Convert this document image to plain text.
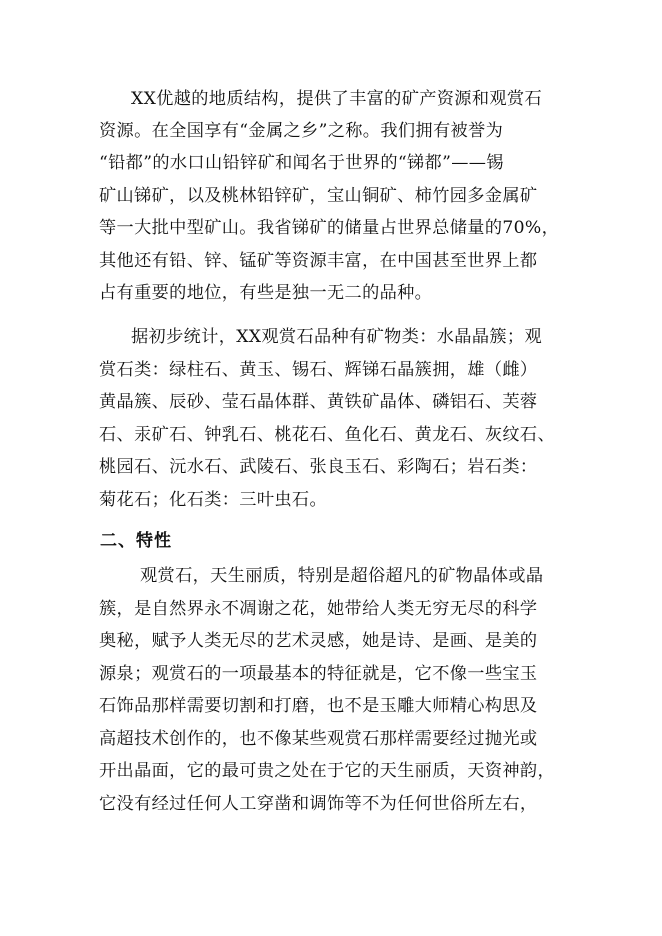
XX优越的地质结构，提供了丰富的矿产资源和观赏石
资源。在全国享有“金属之乡”之称。我们拥有被誉为
“铅都”的水口山铅锌矿和闻名于世界的“锑都”——锡
矿山锑矿，以及桃林铅锌矿，宝山铜矿、柿竹园多金属矿
等一大批中型矿山。我省锑矿的储量占世界总储量的70%，
其他还有铅、锌、锰矿等资源丰富，在中国甚至世界上都
占有重要的地位，有些是独一无二的品种。
据初步统计，XX观赏石品种有矿物类：水晶晶簇；观
赏石类：绿柱石、黄玉、锡石、辉锑石晶簇拥，雄（雌）
黄晶簇、辰砂、莹石晶体群、黄铁矿晶体、磷铝石、芙蓉
石、汞矿石、钟乳石、桃花石、鱼化石、黄龙石、灰纹石、
桃园石、沅水石、武陵石、张良玉石、彩陶石；岩石类：
菊花石；化石类：三叶虫石。
二、特性
观赏石，天生丽质，特别是超俗超凡的矿物晶体或晶
簇，是自然界永不凋谢之花，她带给人类无穷无尽的科学
奥秘，赋予人类无尽的艺术灵感，她是诗、是画、是美的
源泉；观赏石的一项最基本的特征就是，它不像一些宝玉
石饰品那样需要切割和打磨，也不是玉雕大师精心构思及
高超技术创作的，也不像某些观赏石那样需要经过抛光或
开出晶面，它的最可贵之处在于它的天生丽质，天资神韵，
它没有经过任何人工穿凿和调饰等不为任何世俗所左右，
